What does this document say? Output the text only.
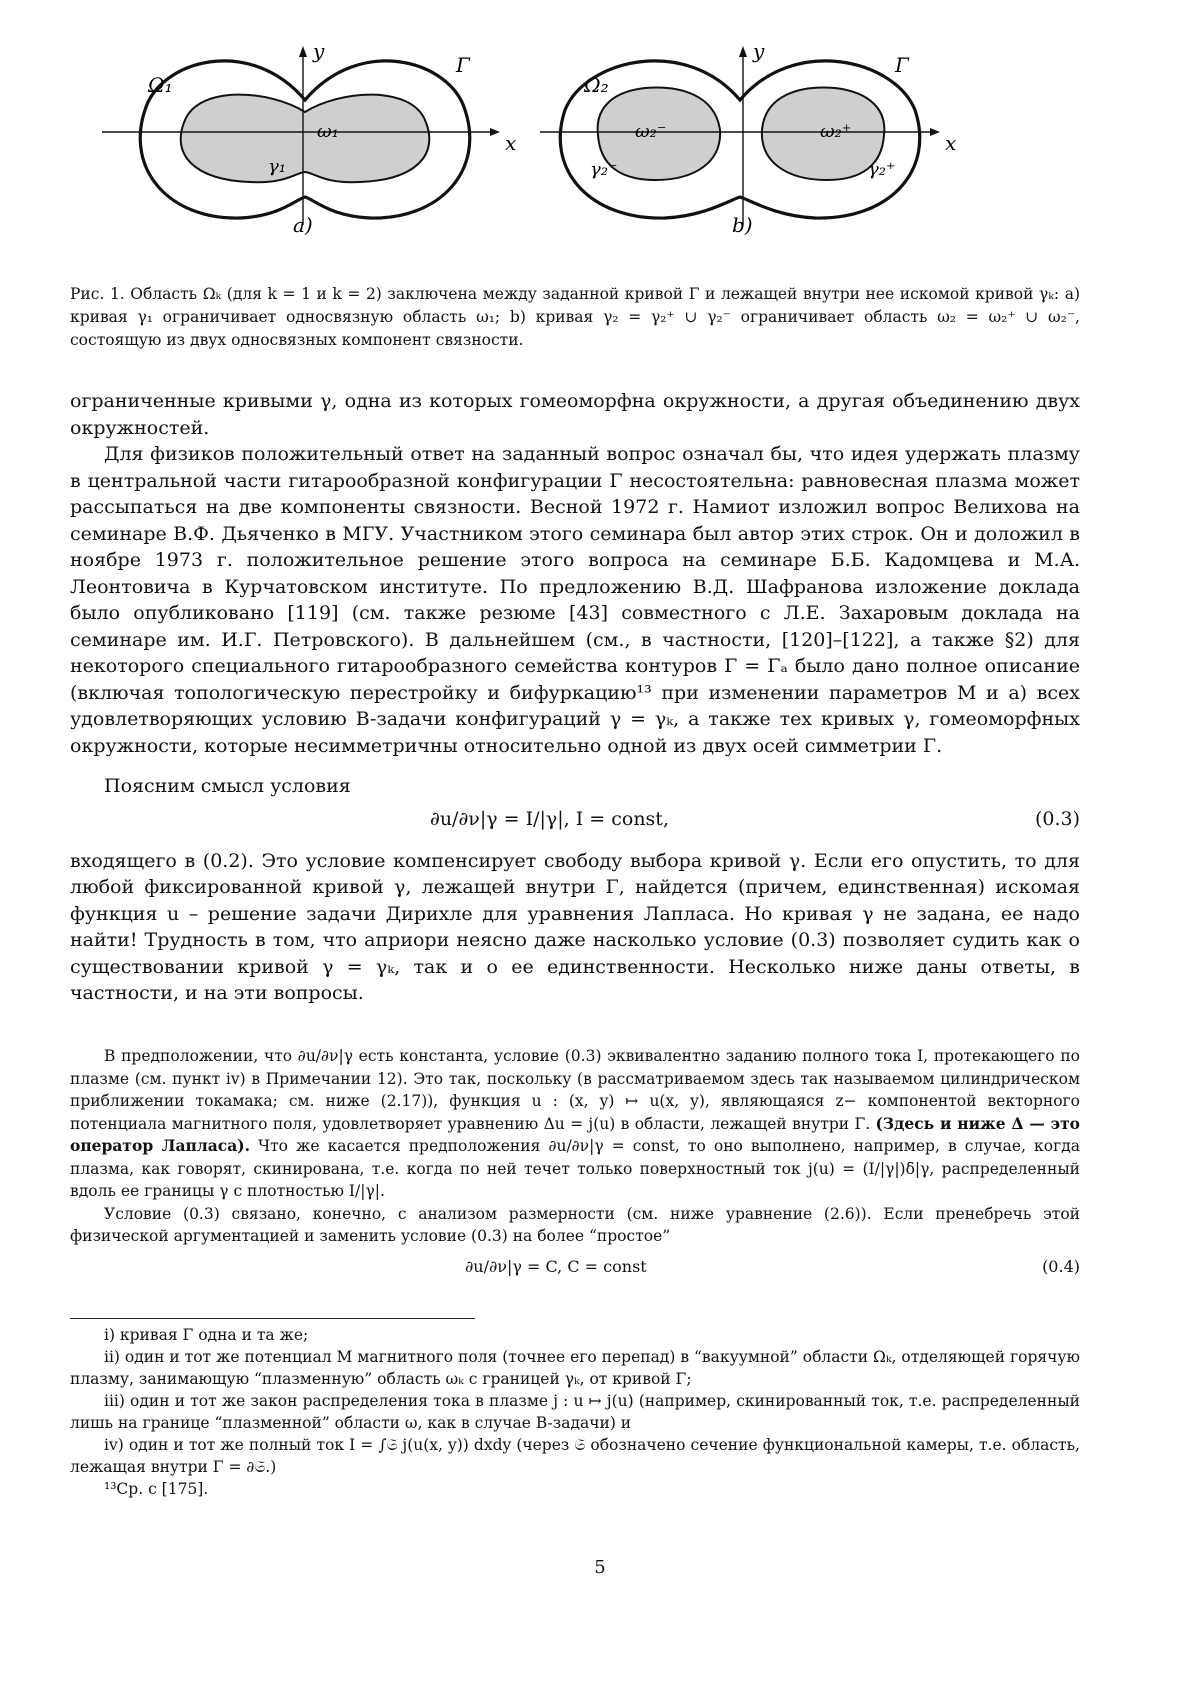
Ω₁
ω₁
γ₁
Γ
x
y
a)
Ω₂
ω₂⁻	ω₂⁺
γ₂⁻	γ₂⁺
Γ
x
y
b)
Рис. 1. Область Ωₖ (для k = 1 и k = 2) заключена между заданной кривой Γ и лежащей внутри нее искомой кривой γₖ: a) кривая γ₁ ограничивает односвязную область ω₁; b) кривая γ₂ = γ₂⁺ ∪ γ₂⁻ ограничивает область ω₂ = ω₂⁺ ∪ ω₂⁻, состоящую из двух односвязных компонент связности.

ограниченные кривыми γ, одна из которых гомеоморфна окружности, а другая объединению двух окружностей.

Для физиков положительный ответ на заданный вопрос означал бы, что идея удержать плазму в центральной части гитарообразной конфигурации Γ несостоятельна: равновесная плазма может рассыпаться на две компоненты связности. Весной 1972 г. Намиот изложил вопрос Велихова на семинаре В.Ф. Дьяченко в МГУ. Участником этого семинара был автор этих строк. Он и доложил в ноябре 1973 г. положительное решение этого вопроса на семинаре Б.Б. Кадомцева и М.А. Леонтовича в Курчатовском институте. По предложению В.Д. Шафранова изложение доклада было опубликовано [119] (см. также резюме [43] совместного с Л.Е. Захаровым доклада на семинаре им. И.Г. Петровского). В дальнейшем (см., в частности, [120]–[122], а также §2) для некоторого специального гитарообразного семейства контуров Γ = Γₐ было дано полное описание (включая топологическую перестройку и бифуркацию¹³ при изменении параметров M и a) всех удовлетворяющих условию B-задачи конфигураций γ = γₖ, а также тех кривых γ, гомеоморфных окружности, которые несимметричны относительно одной из двух осей симметрии Γ.

Поясним смысл условия

∂u/∂ν|γ = I/|γ|, I = const,	(0.3)

входящего в (0.2). Это условие компенсирует свободу выбора кривой γ. Если его опустить, то для любой фиксированной кривой γ, лежащей внутри Γ, найдется (причем, единственная) искомая функция u – решение задачи Дирихле для уравнения Лапласа. Но кривая γ не задана, ее надо найти! Трудность в том, что априори неясно даже насколько условие (0.3) позволяет судить как о существовании кривой γ = γₖ, так и о ее единственности. Несколько ниже даны ответы, в частности, и на эти вопросы.

В предположении, что ∂u/∂ν|γ есть константа, условие (0.3) эквивалентно заданию полного тока I, протекающего по плазме (см. пункт iv) в Примечании 12). Это так, поскольку (в рассматриваемом здесь так называемом цилиндрическом приближении токамака; см. ниже (2.17)), функция u : (x, y) ↦ u(x, y), являющаяся z− компонентой векторного потенциала магнитного поля, удовлетворяет уравнению Δu = j(u) в области, лежащей внутри Γ. (Здесь и ниже Δ — это оператор Лапласа). Что же касается предположения ∂u/∂ν|γ = const, то оно выполнено, например, в случае, когда плазма, как говорят, скинирована, т.е. когда по ней течет только поверхностный ток j(u) = (I/|γ|)δ|γ, распределенный вдоль ее границы γ с плотностью I/|γ|.

Условие (0.3) связано, конечно, с анализом размерности (см. ниже уравнение (2.6)). Если пренебречь этой физической аргументацией и заменить условие (0.3) на более “простое”

∂u/∂ν|γ = C, C = const	(0.4)

i) кривая Γ одна и та же;

ii) один и тот же потенциал M магнитного поля (точнее его перепад) в “вакуумной” области Ωₖ, отделяющей горячую плазму, занимающую “плазменную” область ωₖ с границей γₖ, от кривой Γ;

iii) один и тот же закон распределения тока в плазме j : u ↦ j(u) (например, скинированный ток, т.е. распределенный лишь на границе “плазменной” области ω, как в случае B-задачи) и

iv) один и тот же полный ток I = ∫𝔖 j(u(x, y)) dxdy (через 𝔖 обозначено сечение функциональной камеры, т.е. область, лежащая внутри Γ = ∂𝔖.)

¹³Ср. с [175].

5
